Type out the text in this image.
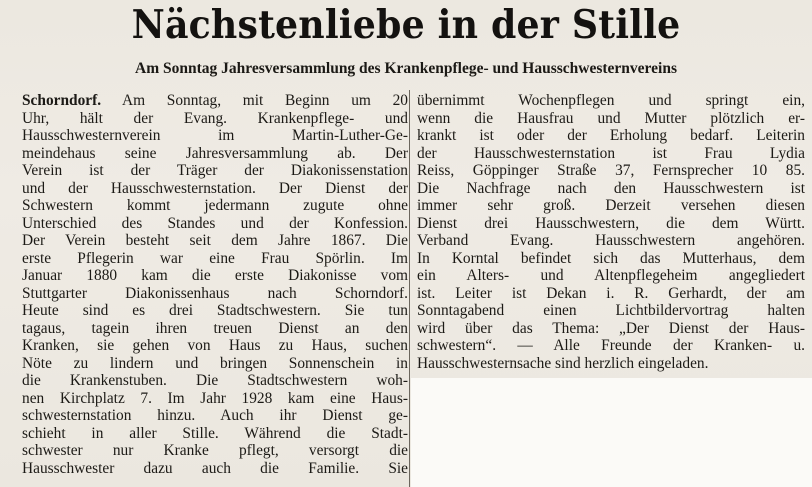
Nächstenliebe in der Stille
Am Sonntag Jahresversammlung des Krankenpflege- und Hausschwesternvereins
Schorndorf. Am Sonntag, mit Beginn um 20
Uhr, hält der Evang. Krankenpflege- und
Hausschwesternverein im Martin-Luther-Ge-
meindehaus seine Jahresversammlung ab. Der
Verein ist der Träger der Diakonissenstation
und der Hausschwesternstation. Der Dienst der
Schwestern kommt jedermann zugute ohne
Unterschied des Standes und der Konfession.
Der Verein besteht seit dem Jahre 1867. Die
erste Pflegerin war eine Frau Spörlin. Im
Januar 1880 kam die erste Diakonisse vom
Stuttgarter Diakonissenhaus nach Schorndorf.
Heute sind es drei Stadtschwestern. Sie tun
tagaus, tagein ihren treuen Dienst an den
Kranken, sie gehen von Haus zu Haus, suchen
Nöte zu lindern und bringen Sonnenschein in
die Krankenstuben. Die Stadtschwestern woh-
nen Kirchplatz 7. Im Jahr 1928 kam eine Haus-
schwesternstation hinzu. Auch ihr Dienst ge-
schieht in aller Stille. Während die Stadt-
schwester nur Kranke pflegt, versorgt die
Hausschwester dazu auch die Familie. Sie
übernimmt Wochenpflegen und springt ein,
wenn die Hausfrau und Mutter plötzlich er-
krankt ist oder der Erholung bedarf. Leiterin
der Hausschwesternstation ist Frau Lydia
Reiss, Göppinger Straße 37, Fernsprecher 10 85.
Die Nachfrage nach den Hausschwestern ist
immer sehr groß. Derzeit versehen diesen
Dienst drei Hausschwestern, die dem Württ.
Verband Evang. Hausschwestern angehören.
In Korntal befindet sich das Mutterhaus, dem
ein Alters- und Altenpflegeheim angegliedert
ist. Leiter ist Dekan i. R. Gerhardt, der am
Sonntagabend einen Lichtbildervortrag halten
wird über das Thema: „Der Dienst der Haus-
schwestern“. — Alle Freunde der Kranken- u.
Hausschwesternsache sind herzlich eingeladen.
